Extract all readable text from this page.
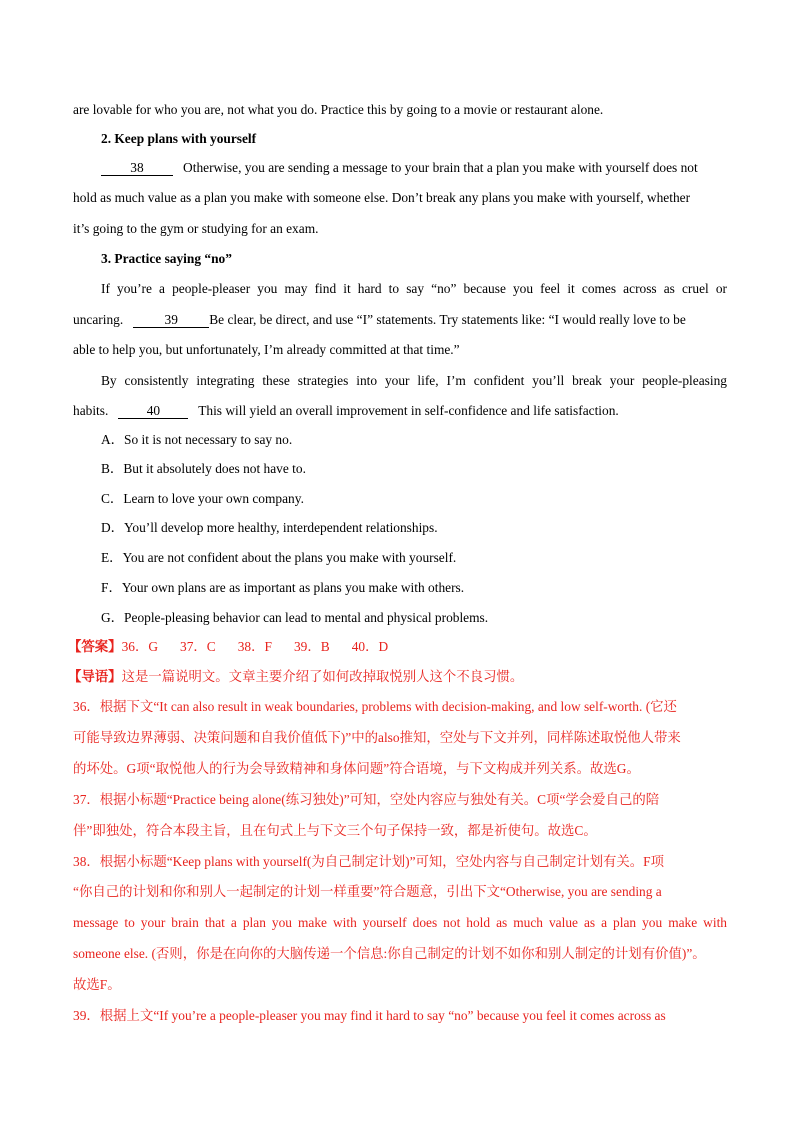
are lovable for who you are, not what you do. Practice this by going to a movie or restaurant alone.
2. Keep plans with yourself
38	Otherwise, you are sending a message to your brain that a plan you make with yourself does not
hold as much value as a plan you make with someone else. Don’t break any plans you make with yourself, whether
it’s going to the gym or studying for an exam.
3. Practice saying “no”
If you’re a people-pleaser you may find it hard to say “no” because you feel it comes across as cruel or
uncaring.	39 Be clear, be direct, and use “I” statements. Try statements like: “I would really love to be
able to help you, but unfortunately, I’m already committed at that time.”
By consistently integrating these strategies into your life, I’m confident you’ll break your people-pleasing
habits.	40	This will yield an overall improvement in self-confidence and life satisfaction.
A．So it is not necessary to say no.
B．But it absolutely does not have to.
C．Learn to love your own company.
D．You’ll develop more healthy, interdependent relationships.
E．You are not confident about the plans you make with yourself.
F．Your own plans are as important as plans you make with others.
G．People-pleasing behavior can lead to mental and physical problems.
【答案】36．G 37．C 38．F 39．B 40．D
【导语】这是一篇说明文。文章主要介绍了如何改掉取悦别人这个不良习惯。
36．根据下文“It can also result in weak boundaries, problems with decision-making, and low self-worth. (它还
可能导致边界薄弱、决策问题和自我价值低下)”中的also推知，空处与下文并列，同样陈述取悦他人带来
的坏处。G项“取悦他人的行为会导致精神和身体问题”符合语境，与下文构成并列关系。故选G。
37．根据小标题“Practice being alone(练习独处)”可知，空处内容应与独处有关。C项“学会爱自己的陪
伴”即独处，符合本段主旨，且在句式上与下文三个句子保持一致，都是祈使句。故选C。
38．根据小标题“Keep plans with yourself(为自己制定计划)”可知，空处内容与自己制定计划有关。F项
“你自己的计划和你和别人一起制定的计划一样重要”符合题意，引出下文“Otherwise, you are sending a
message to your brain that a plan you make with yourself does not hold as much value as a plan you make with
someone else. (否则，你是在向你的大脑传递一个信息:你自己制定的计划不如你和别人制定的计划有价值)”。
故选F。
39．根据上文“If you’re a people-pleaser you may find it hard to say “no” because you feel it comes across as
